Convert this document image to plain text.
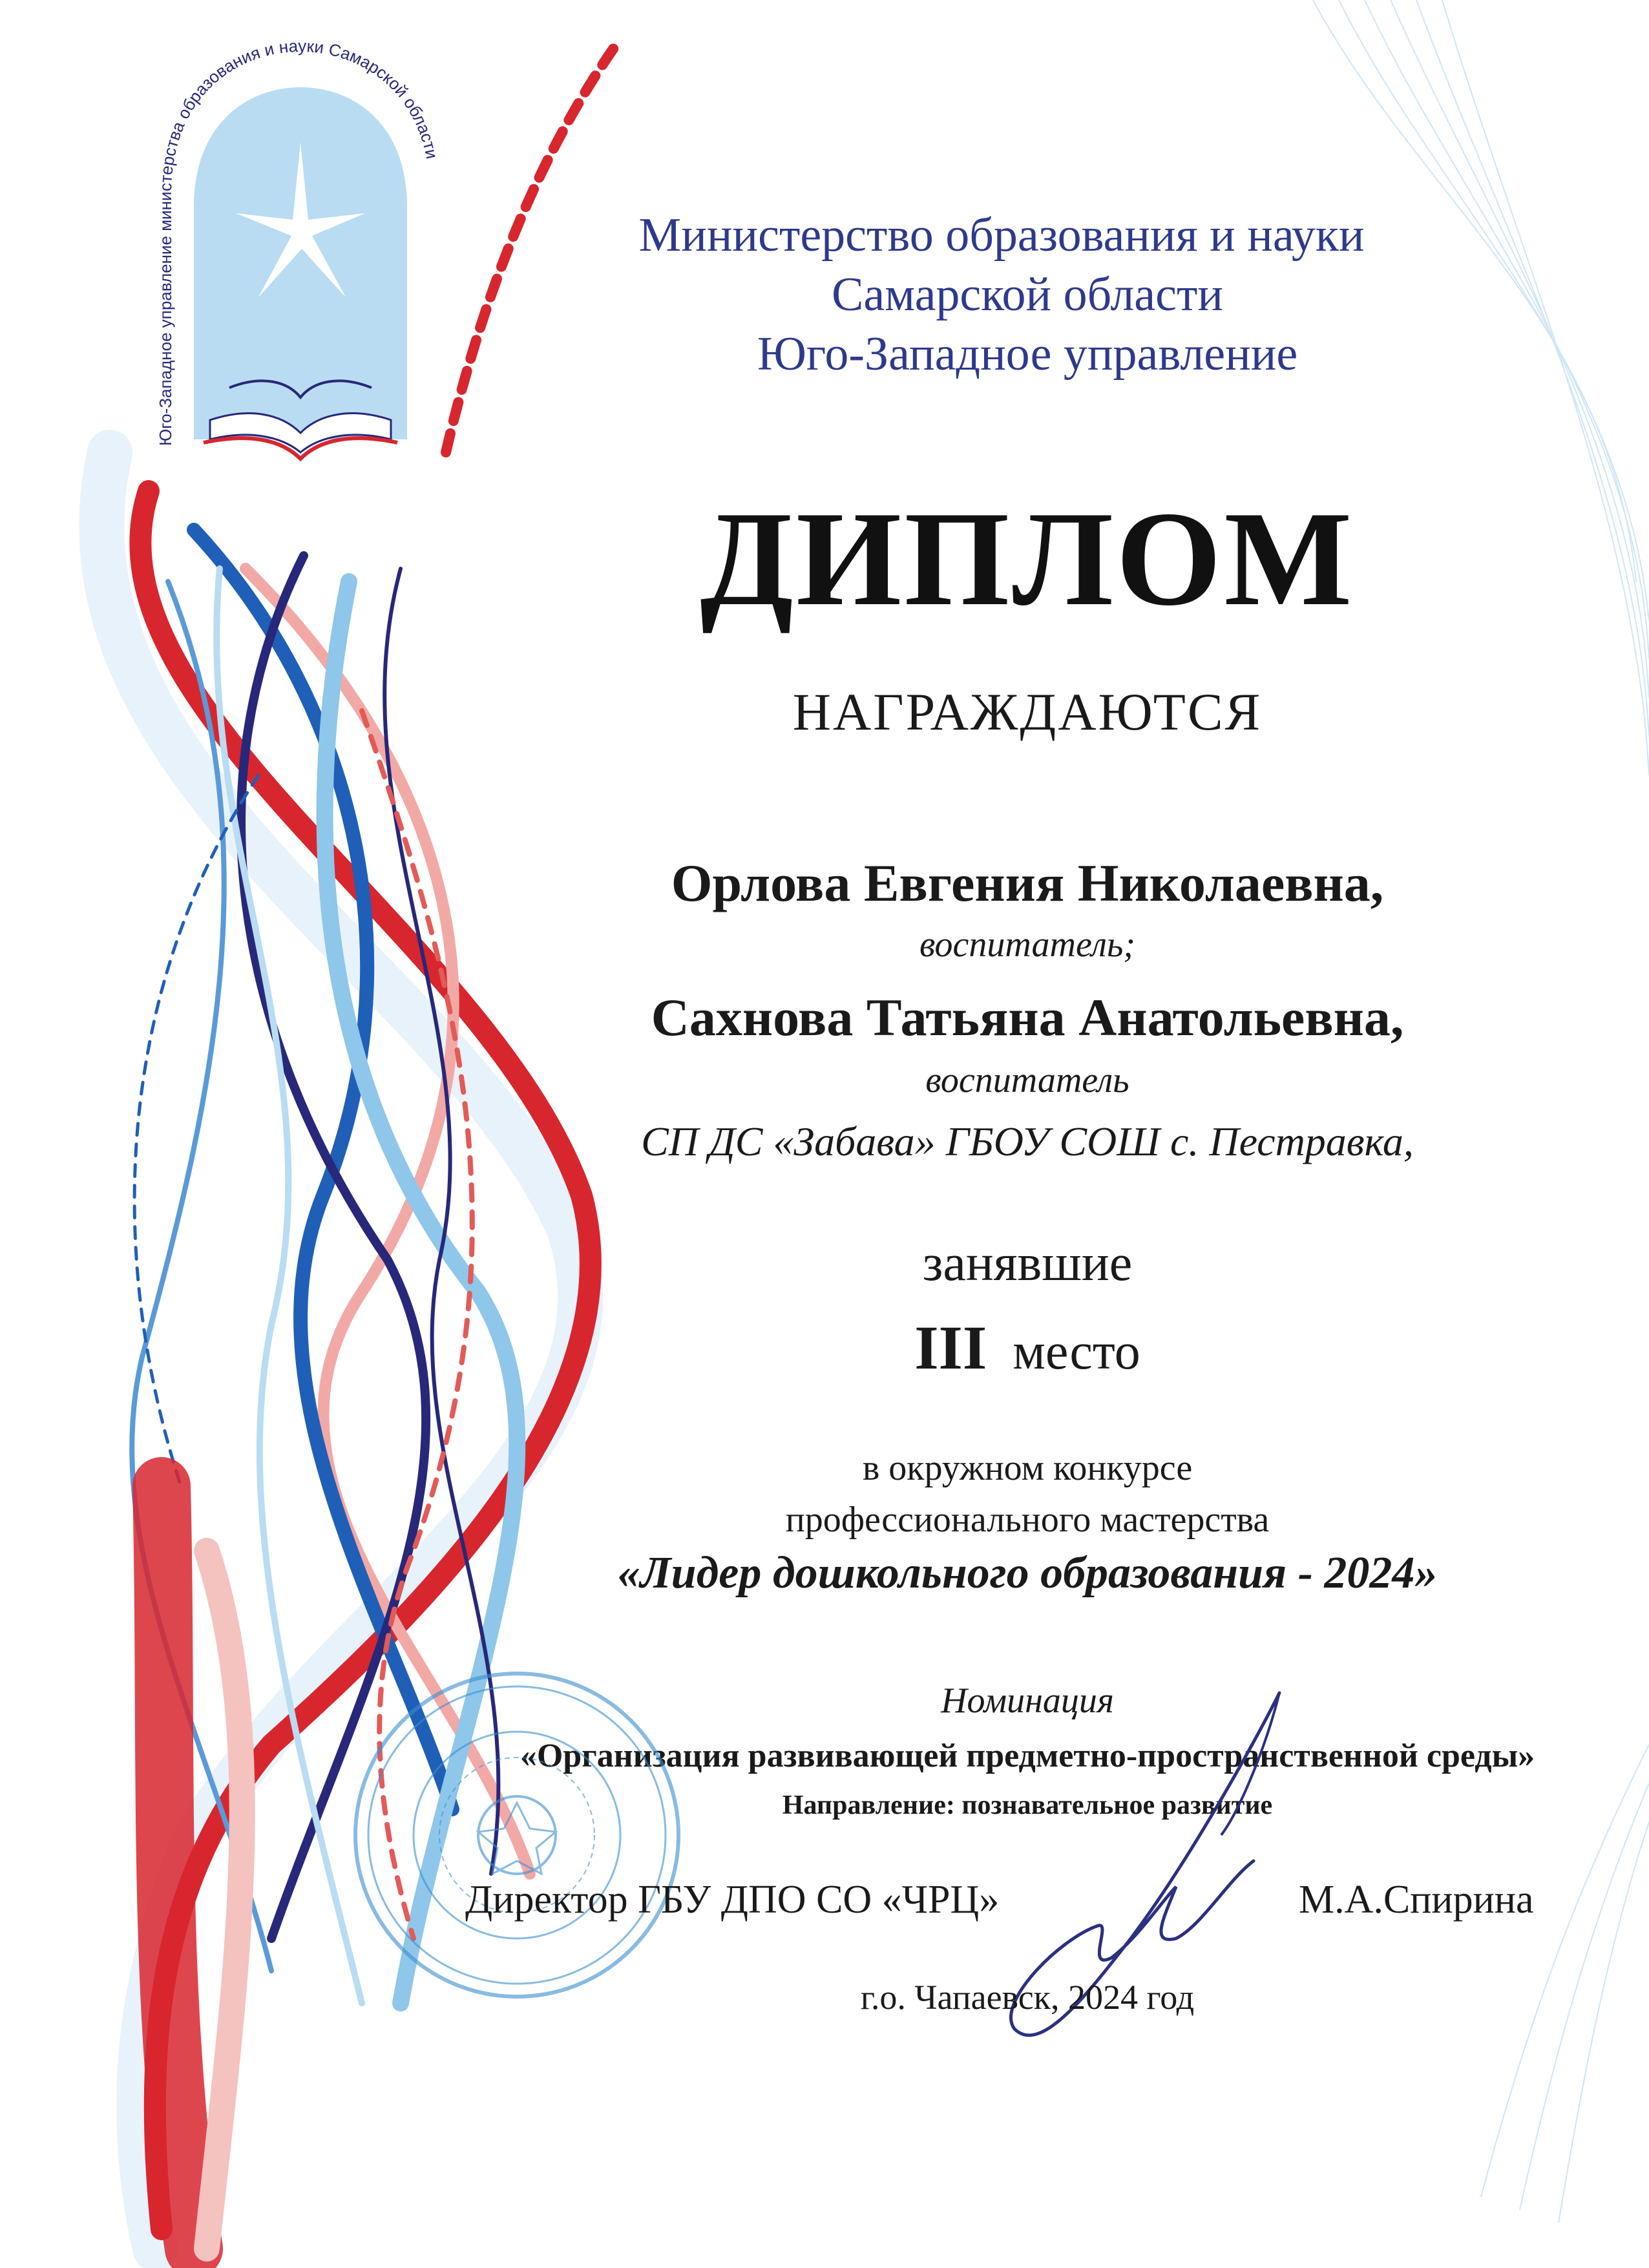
Юго-Западное управление министерства образования и науки Самарской области
Министерство образования и науки
Самарской области
Юго-Западное управление
ДИПЛОМ
НАГРАЖДАЮТСЯ
Орлова Евгения Николаевна,
воспитатель;
Сахнова Татьяна Анатольевна,
воспитатель
СП ДС «Забава» ГБОУ СОШ с. Пестравка,
занявшие
III место
в окружном конкурсе
профессионального мастерства
«Лидер дошкольного образования - 2024»
Номинация
«Организация развивающей предметно-пространственной среды»
Направление: познавательное развитие
Директор ГБУ ДПО СО «ЧРЦ»	М.А.Спирина
г.о. Чапаевск, 2024 год
